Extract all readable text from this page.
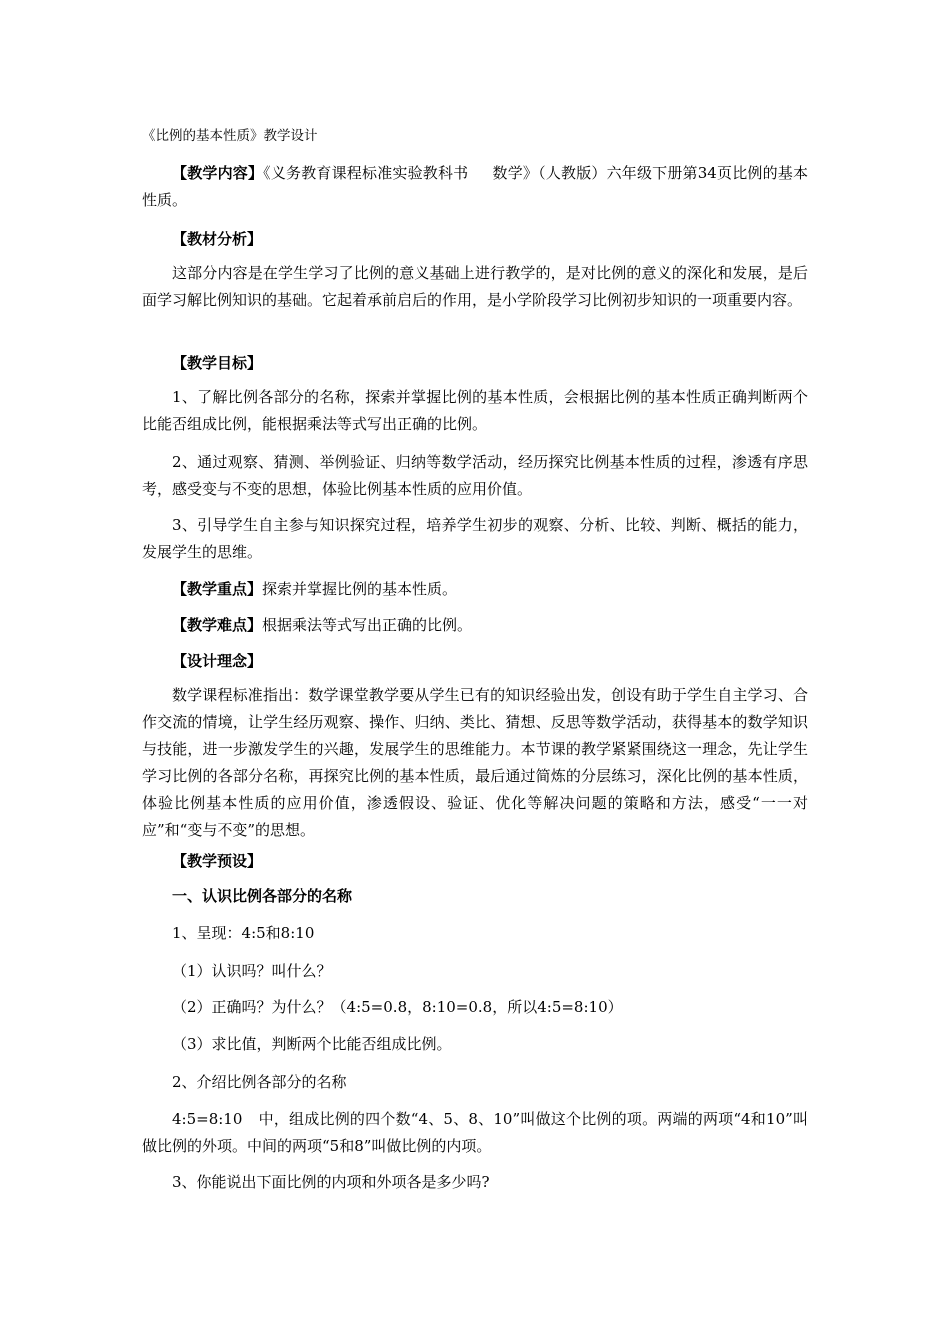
《比例的基本性质》教学设计
【教学内容】《义务教育课程标准实验教科书 数学》（人教版）六年级下册第34页比例的基本性质。
【教材分析】
这部分内容是在学生学习了比例的意义基础上进行教学的，是对比例的意义的深化和发展，是后面学习解比例知识的基础。它起着承前启后的作用，是小学阶段学习比例初步知识的一项重要内容。
【教学目标】
1、了解比例各部分的名称，探索并掌握比例的基本性质，会根据比例的基本性质正确判断两个比能否组成比例，能根据乘法等式写出正确的比例。
2、通过观察、猜测、举例验证、归纳等数学活动，经历探究比例基本性质的过程，渗透有序思考，感受变与不变的思想，体验比例基本性质的应用价值。
3、引导学生自主参与知识探究过程，培养学生初步的观察、分析、比较、判断、概括的能力，发展学生的思维。
【教学重点】探索并掌握比例的基本性质。
【教学难点】根据乘法等式写出正确的比例。
【设计理念】
数学课程标准指出：数学课堂教学要从学生已有的知识经验出发，创设有助于学生自主学习、合作交流的情境，让学生经历观察、操作、归纳、类比、猜想、反思等数学活动，获得基本的数学知识与技能，进一步激发学生的兴趣，发展学生的思维能力。本节课的教学紧紧围绕这一理念，先让学生学习比例的各部分名称，再探究比例的基本性质，最后通过简炼的分层练习，深化比例的基本性质，体验比例基本性质的应用价值，渗透假设、验证、优化等解决问题的策略和方法，感受“一一对应”和“变与不变”的思想。
【教学预设】
一、认识比例各部分的名称
1、呈现：4:5和8:10
（1）认识吗？叫什么？
（2）正确吗？为什么？（4:5=0.8，8:10=0.8，所以4:5=8:10）
（3）求比值，判断两个比能否组成比例。
2、介绍比例各部分的名称
4:5=8:10 中，组成比例的四个数“4、5、8、10”叫做这个比例的项。两端的两项“4和10”叫做比例的外项。中间的两项“5和8”叫做比例的内项。
3、你能说出下面比例的内项和外项各是多少吗?
